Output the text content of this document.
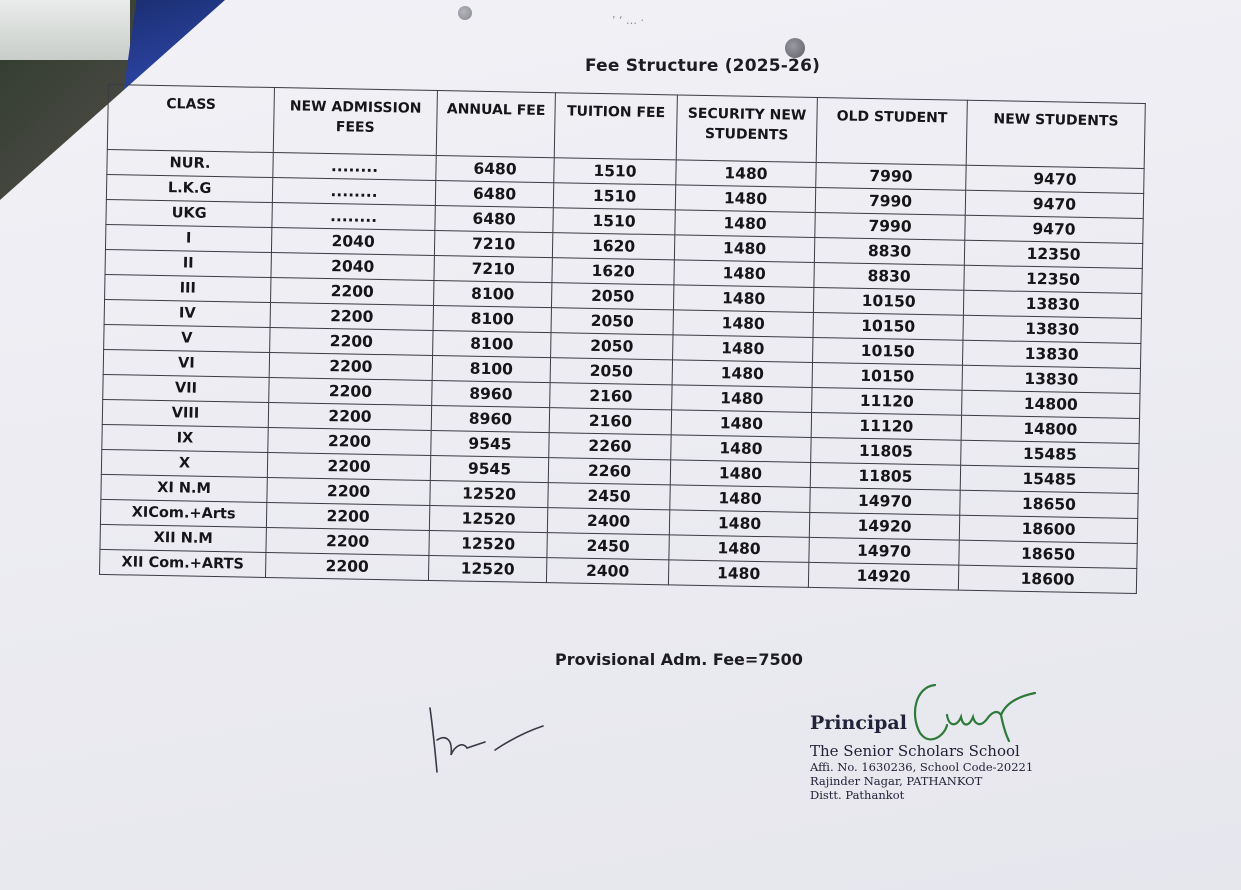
’ ‘ … ·
Fee Structure (2025-26)
CLASS	NEW ADMISSION FEES	ANNUAL FEE	TUITION FEE	SECURITY NEW STUDENTS	OLD STUDENT	NEW STUDENTS
NUR.	........	6480	1510	1480	7990	9470
L.K.G	........	6480	1510	1480	7990	9470
UKG	........	6480	1510	1480	7990	9470
I	2040	7210	1620	1480	8830	12350
II	2040	7210	1620	1480	8830	12350
III	2200	8100	2050	1480	10150	13830
IV	2200	8100	2050	1480	10150	13830
V	2200	8100	2050	1480	10150	13830
VI	2200	8100	2050	1480	10150	13830
VII	2200	8960	2160	1480	11120	14800
VIII	2200	8960	2160	1480	11120	14800
IX	2200	9545	2260	1480	11805	15485
X	2200	9545	2260	1480	11805	15485
XI N.M	2200	12520	2450	1480	14970	18650
XICom.+Arts	2200	12520	2400	1480	14920	18600
XII N.M	2200	12520	2450	1480	14970	18650
XII Com.+ARTS	2200	12520	2400	1480	14920	18600
Provisional Adm. Fee=7500
Principal
The Senior Scholars School
Affi. No. 1630236, School Code-20221
Rajinder Nagar, PATHANKOT
Distt. Pathankot
